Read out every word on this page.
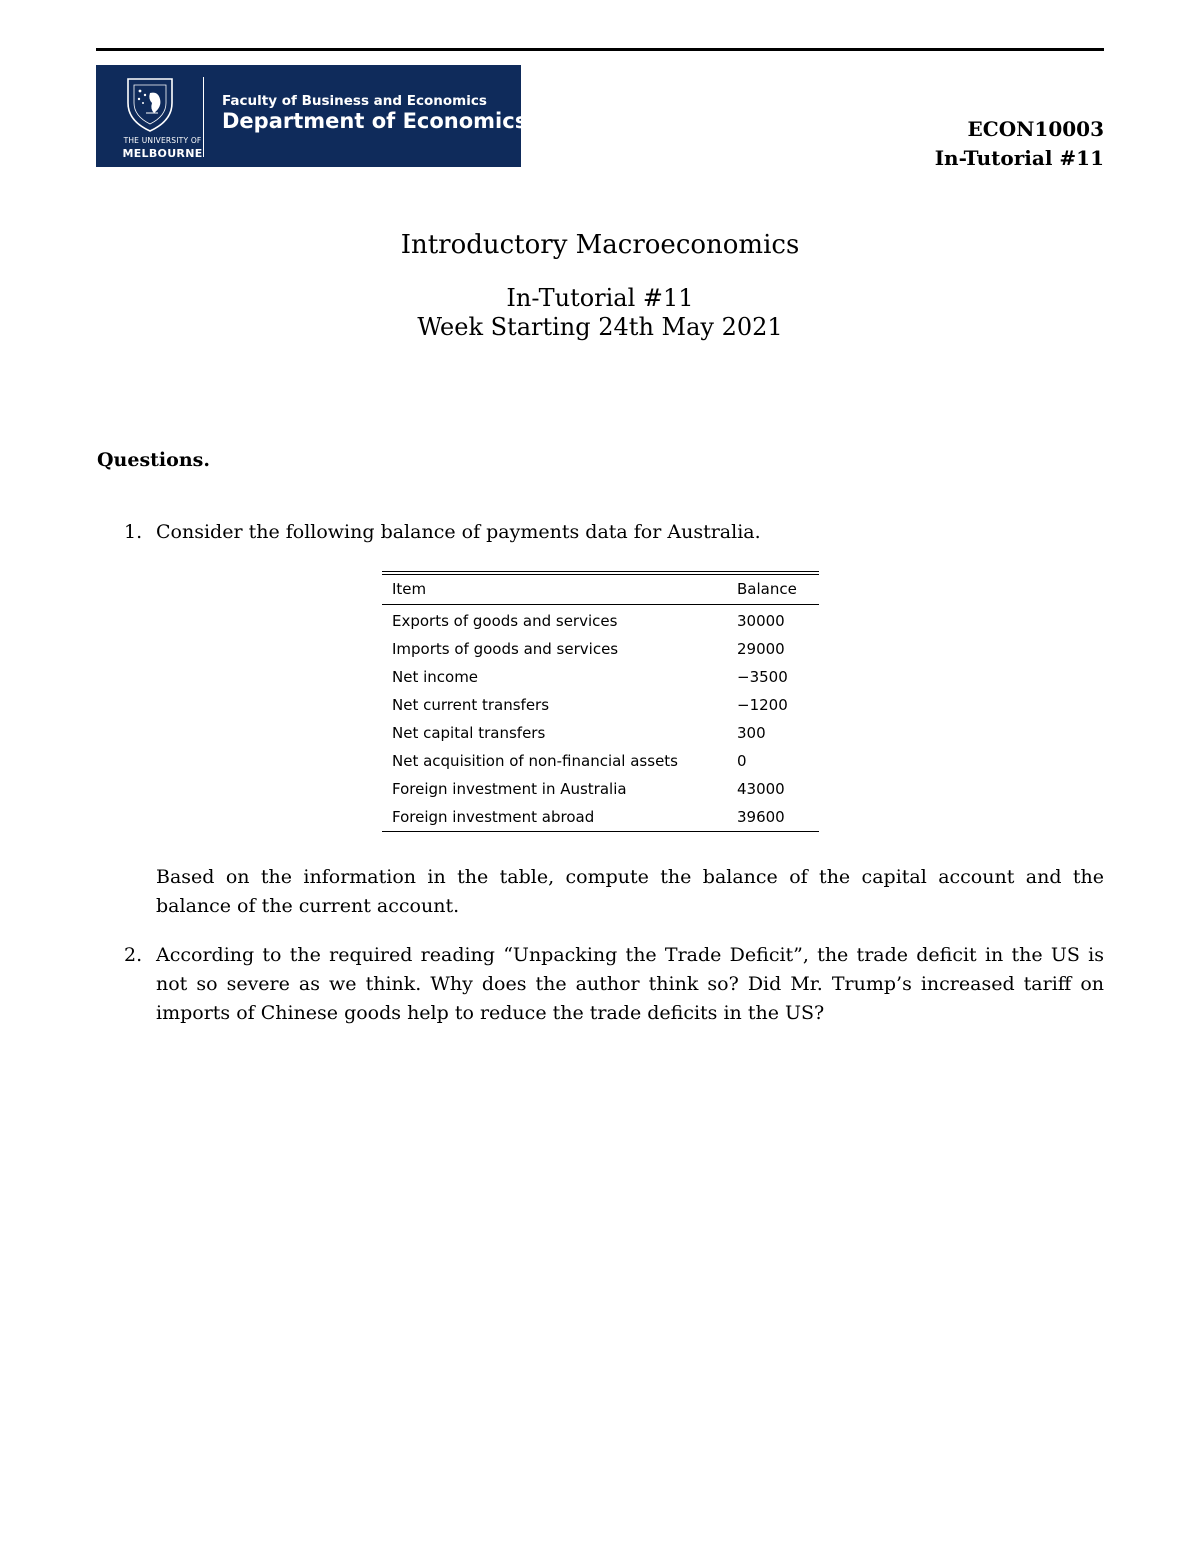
THE UNIVERSITY OF
MELBOURNE
Faculty of Business and Economics
Department of Economics	ECON10003
In-Tutorial #11
Introductory Macroeconomics
In-Tutorial #11
Week Starting 24th May 2021
Questions.
1. Consider the following balance of payments data for Australia.
Item	Balance
Exports of goods and services	30000
Imports of goods and services	29000
Net income	−3500
Net current transfers	−1200
Net capital transfers	300
Net acquisition of non-financial assets	0
Foreign investment in Australia	43000
Foreign investment abroad	39600
Based on the information in the table, compute the balance of the capital account and the balance of the current account.
2. According to the required reading “Unpacking the Trade Deficit”, the trade deficit in the US is not so severe as we think. Why does the author think so? Did Mr. Trump’s increased tariff on imports of Chinese goods help to reduce the trade deficits in the US?
